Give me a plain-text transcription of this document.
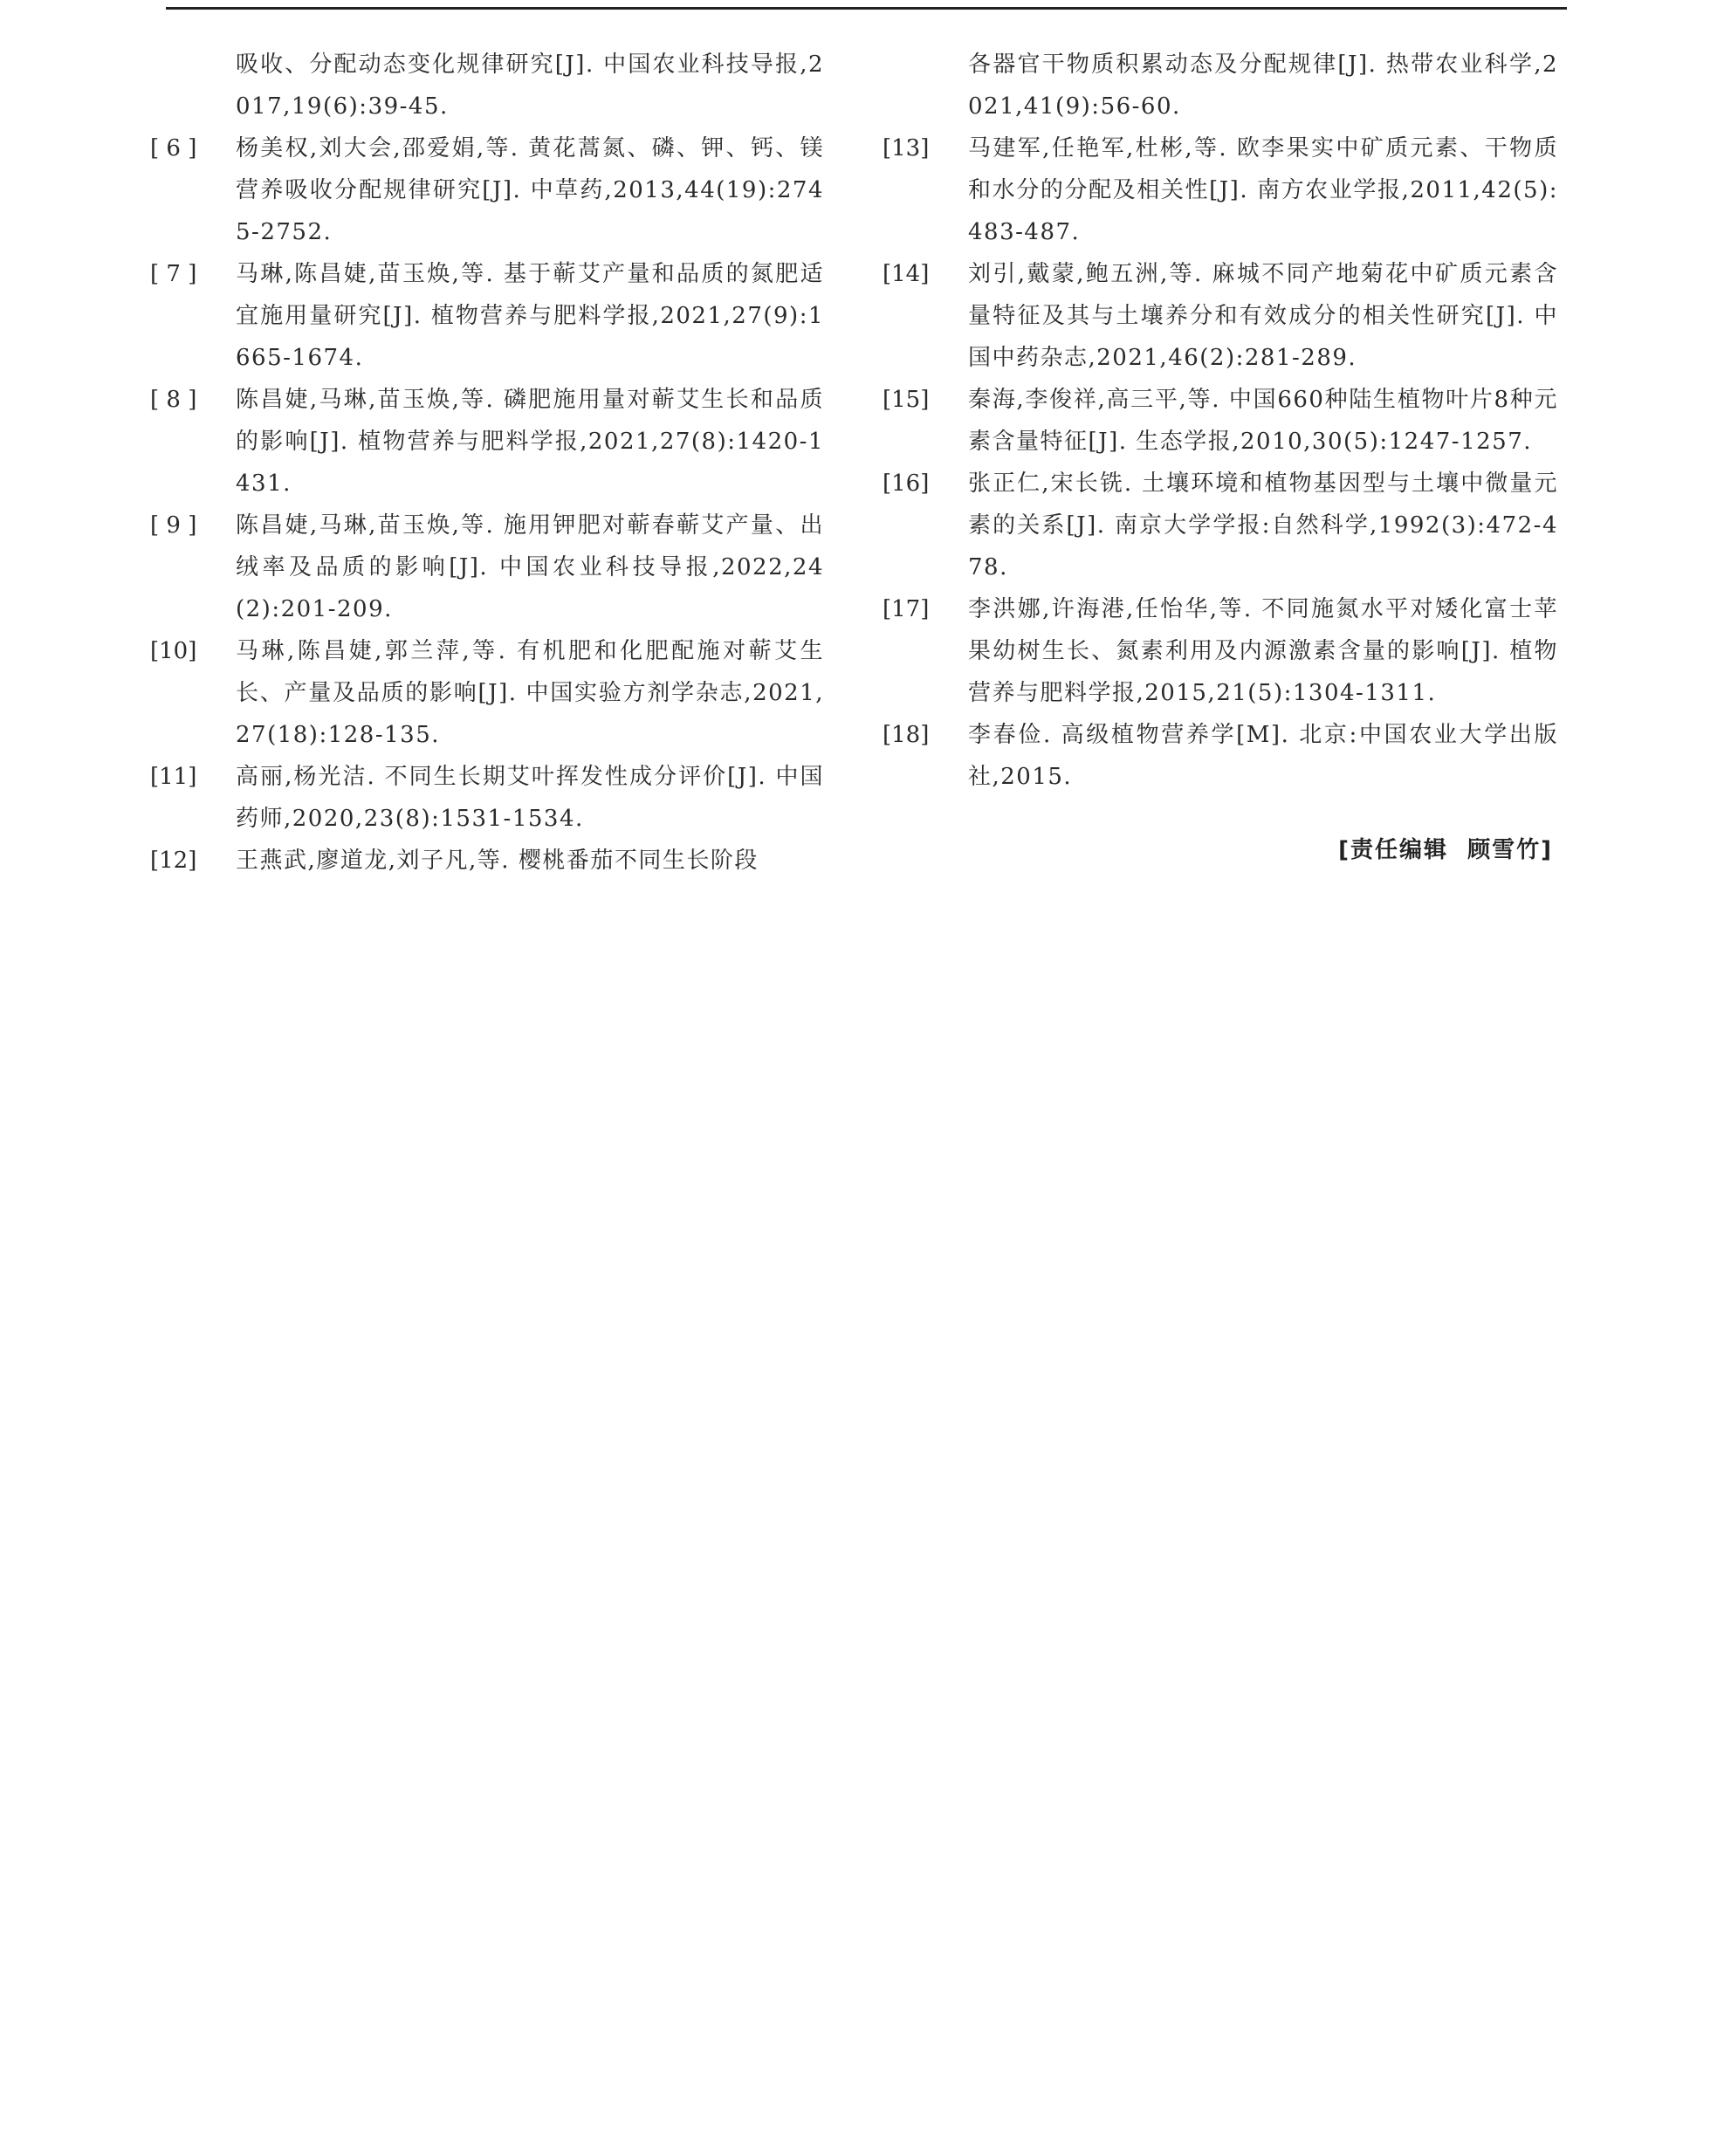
吸收、分配动态变化规律研究[J]. 中国农业科技导报,2017,19(6):39-45.
[ 6 ]	杨美权,刘大会,邵爱娟,等. 黄花蒿氮、磷、钾、钙、镁营养吸收分配规律研究[J]. 中草药,2013,44(19):2745-2752.
[ 7 ]	马琳,陈昌婕,苗玉焕,等. 基于蕲艾产量和品质的氮肥适宜施用量研究[J]. 植物营养与肥料学报,2021,27(9):1665-1674.
[ 8 ]	陈昌婕,马琳,苗玉焕,等. 磷肥施用量对蕲艾生长和品质的影响[J]. 植物营养与肥料学报,2021,27(8):1420-1431.
[ 9 ]	陈昌婕,马琳,苗玉焕,等. 施用钾肥对蕲春蕲艾产量、出绒率及品质的影响[J]. 中国农业科技导报,2022,24(2):201-209.
[10]	马琳,陈昌婕,郭兰萍,等. 有机肥和化肥配施对蕲艾生长、产量及品质的影响[J]. 中国实验方剂学杂志,2021,27(18):128-135.
[11]	高丽,杨光洁. 不同生长期艾叶挥发性成分评价[J]. 中国药师,2020,23(8):1531-1534.
[12]	王燕武,廖道龙,刘子凡,等. 樱桃番茄不同生长阶段
各器官干物质积累动态及分配规律[J]. 热带农业科学,2021,41(9):56-60.
[13]	马建军,任艳军,杜彬,等. 欧李果实中矿质元素、干物质和水分的分配及相关性[J]. 南方农业学报,2011,42(5):483-487.
[14]	刘引,戴蒙,鲍五洲,等. 麻城不同产地菊花中矿质元素含量特征及其与土壤养分和有效成分的相关性研究[J]. 中国中药杂志,2021,46(2):281-289.
[15]	秦海,李俊祥,高三平,等. 中国660种陆生植物叶片8种元素含量特征[J]. 生态学报,2010,30(5):1247-1257.
[16]	张正仁,宋长铣. 土壤环境和植物基因型与土壤中微量元素的关系[J]. 南京大学学报:自然科学,1992(3):472-478.
[17]	李洪娜,许海港,任怡华,等. 不同施氮水平对矮化富士苹果幼树生长、氮素利用及内源激素含量的影响[J]. 植物营养与肥料学报,2015,21(5):1304-1311.
[18]	李春俭. 高级植物营养学[M]. 北京:中国农业大学出版社,2015.
[责任编辑  顾雪竹]
